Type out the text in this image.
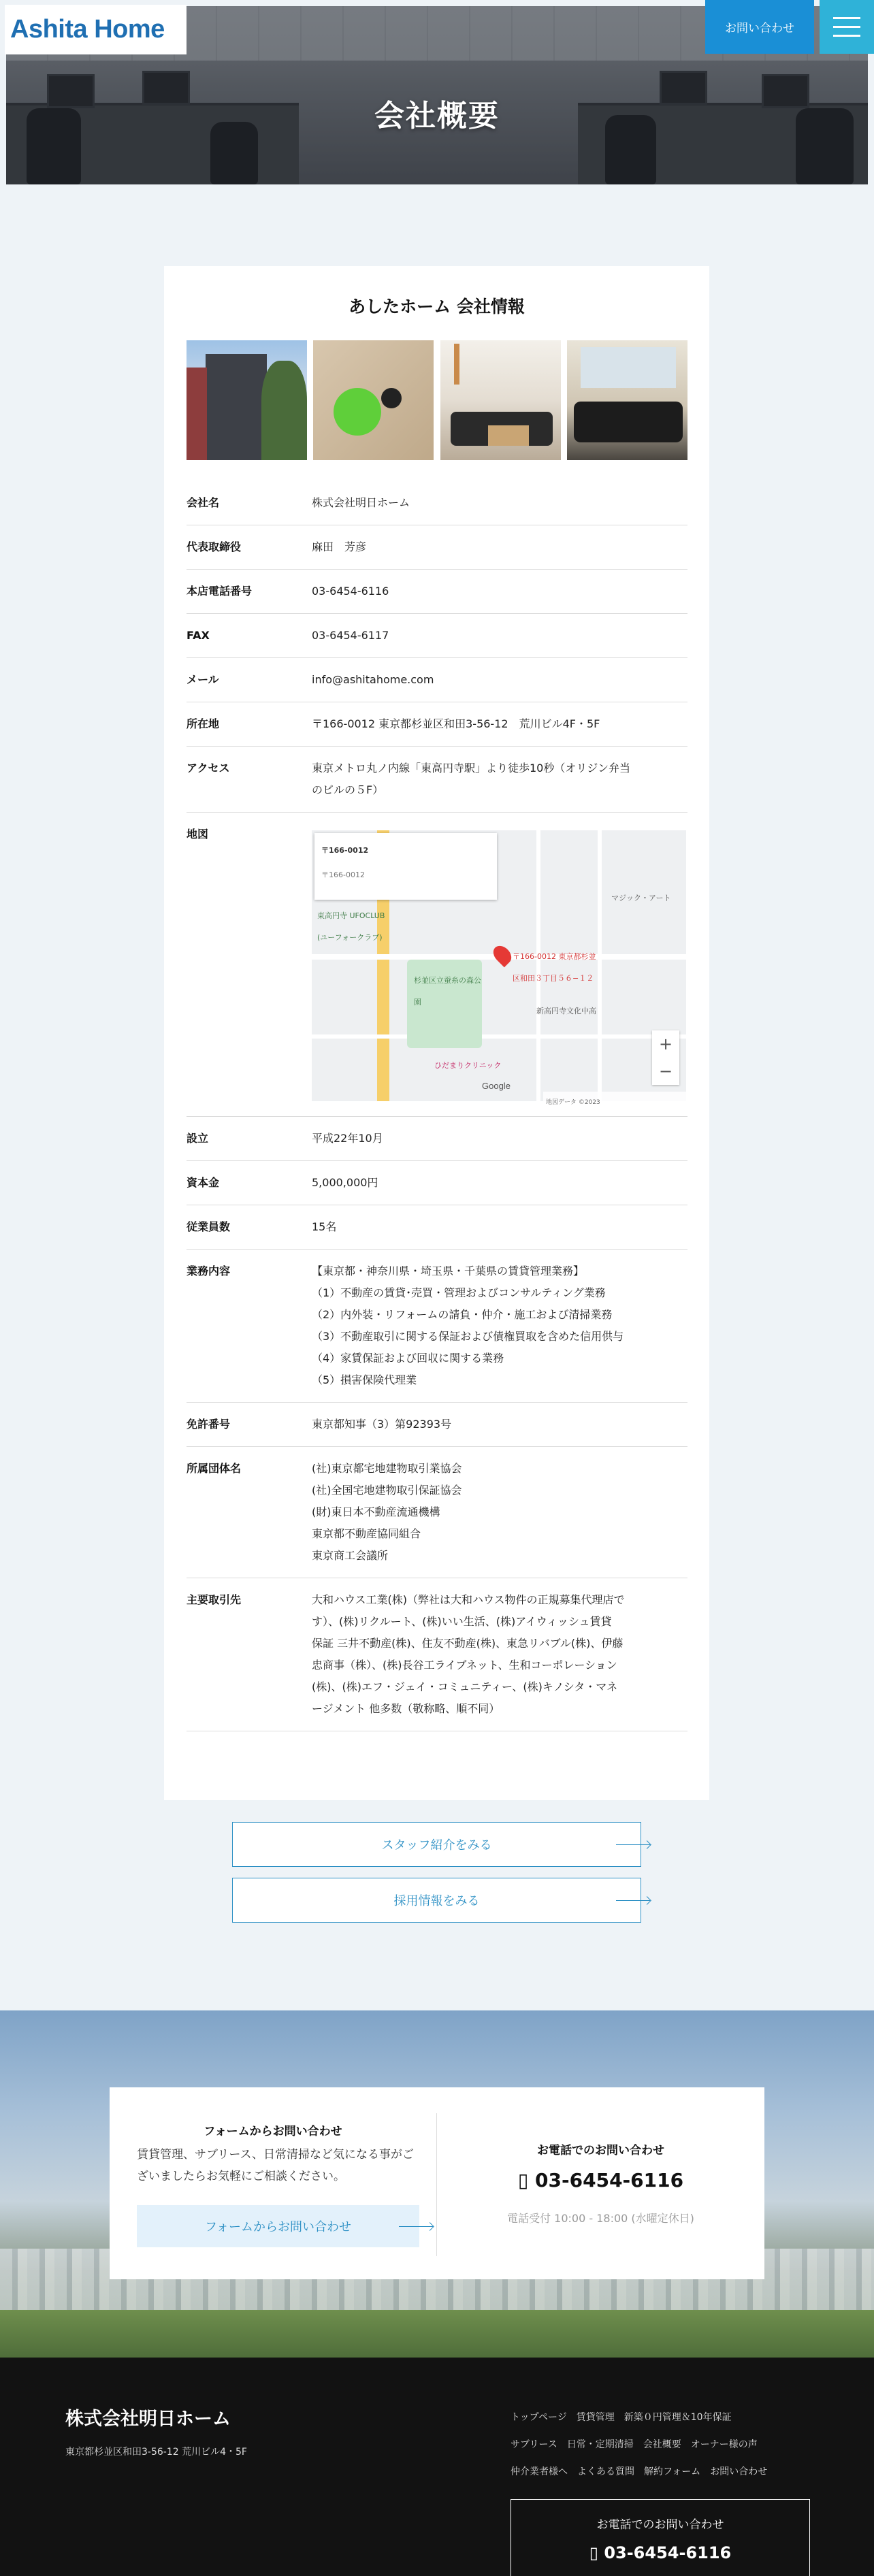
会社概要
Ashita Home	お問い合わせ
あしたホーム 会社情報
会社名	株式会社明日ホーム
代表取締役	麻田　芳彦
本店電話番号	03-6454-6116
FAX	03-6454-6117
メール	info@ashitahome.com
所在地	〒166-0012 東京都杉並区和田3-56-12　荒川ビル4F・5F
アクセス	東京メトロ丸ノ内線「東高円寺駅」より徒歩10秒（オリジン弁当
のビルの５F）
地図
東高円寺 UFOCLUB (ユーフォークラブ)
杉並区立蚕糸の森公園
ひだまりクリニック
マジック・アート
新高円寺文化中高
〒166-0012
〒166-0012
〒166-0012 東京都杉並区和田３丁目５６−１２
+
−
Google
地図データ ©2023
設立	平成22年10月
資本金	5,000,000円
従業員数	15名
業務内容	【東京都・神奈川県・埼玉県・千葉県の賃貸管理業務】
（1）不動産の賃貸･売買・管理およびコンサルティング業務
（2）内外装・リフォームの請負・仲介・施工および清掃業務
（3）不動産取引に関する保証および債権買取を含めた信用供与
（4）家賃保証および回収に関する業務
（5）損害保険代理業
免許番号	東京都知事（3）第92393号
所属団体名	(社)東京都宅地建物取引業協会
(社)全国宅地建物取引保証協会
(財)東日本不動産流通機構
東京都不動産協同組合
東京商工会議所
主要取引先	大和ハウス工業(株)（弊社は大和ハウス物件の正規募集代理店で
す）、(株)リクルート、(株)いい生活、(株)アイウィッシュ賃貸
保証 三井不動産(株)、住友不動産(株)、東急リバブル(株)、伊藤
忠商事（株）、(株)長谷工ライブネット、生和コーポレーション
(株)、(株)エフ・ジェイ・コミュニティー、(株)キノシタ・マネ
ージメント 他多数（敬称略、順不同）
スタッフ紹介をみる
採用情報をみる
フォームからお問い合わせ
賃貸管理、サブリース、日常清掃など気になる事がございましたらお気軽にご相談ください。
フォームからお問い合わせ
お電話でのお問い合わせ
▯ 03-6454-6116
電話受付 10:00 - 18:00 (水曜定休日)
株式会社明日ホーム
東京都杉並区和田3-56-12 荒川ビル4・5F
トップページ 賃貸管理 新築０円管理＆10年保証
サブリース 日常・定期清掃 会社概要 オーナー様の声
仲介業者様へ よくある質問 解約フォーム お問い合わせ
お電話でのお問い合わせ
▯ 03-6454-6116
